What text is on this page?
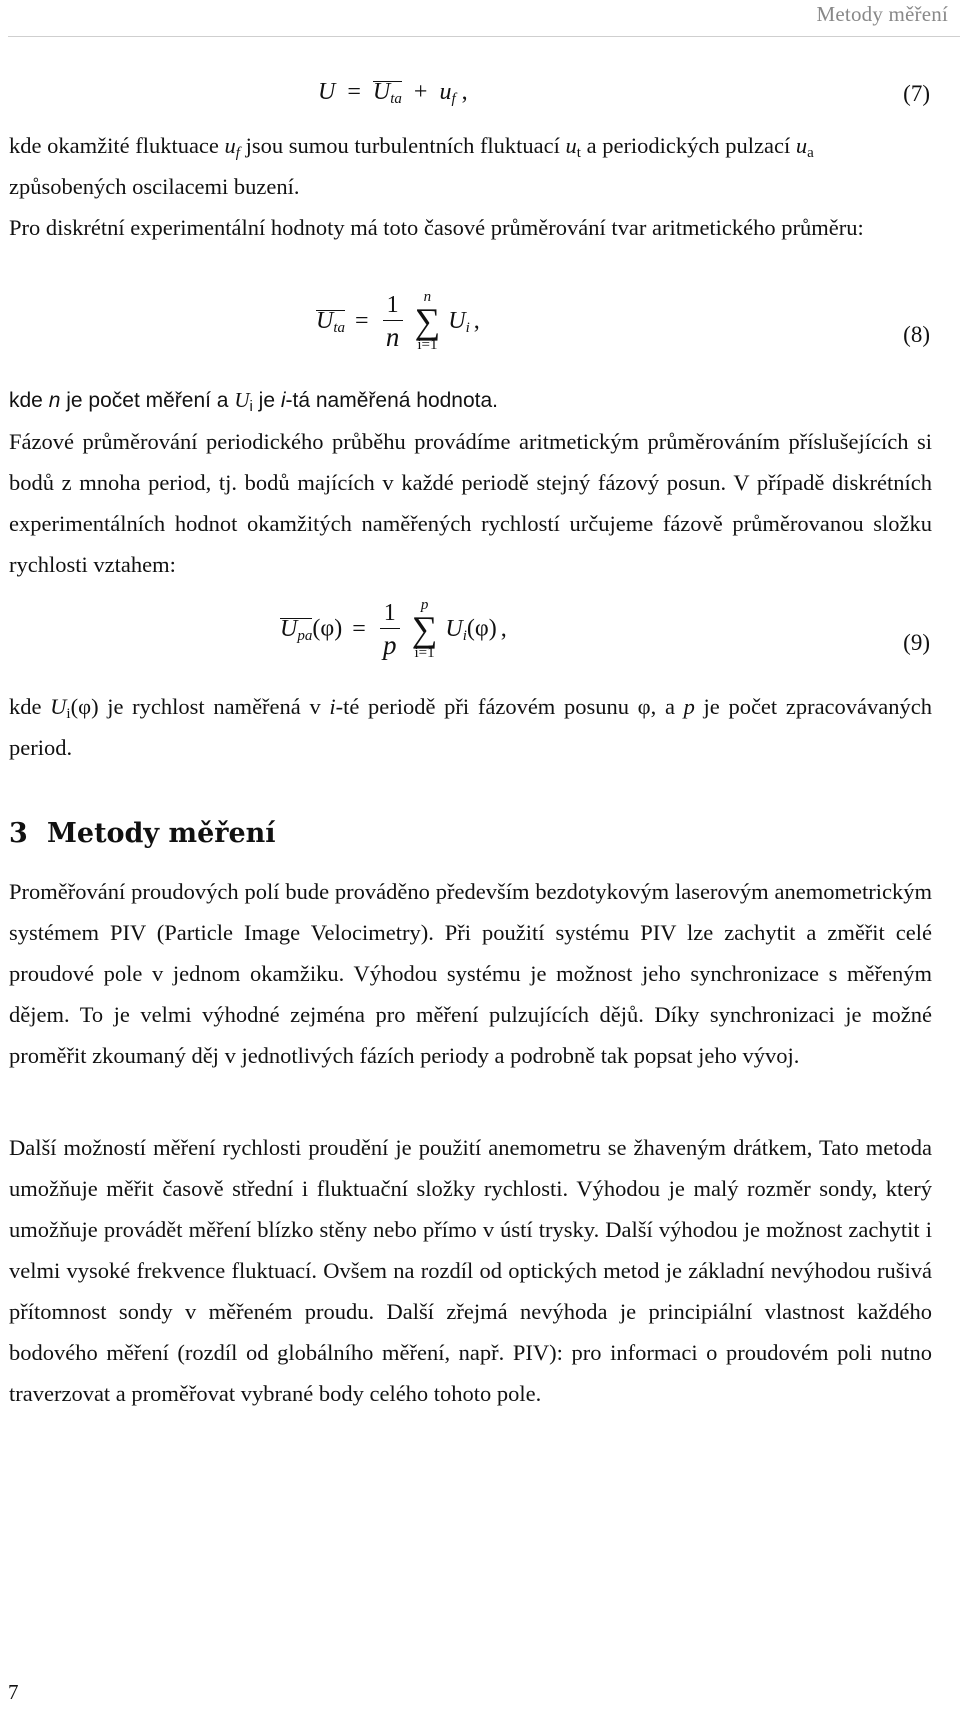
Metody měření
$U = U_{ta} + u_f$ ,	(7)

kde okamžité fluktuace $u_f$ jsou sumou turbulentních fluktuací $u_t$ a periodických pulzací $u_a$ způsobených oscilacemi buzení.

Pro diskrétní experimentální hodnoty má toto časové průměrování tvar aritmetického průměru:

$U_{ta} = \frac{1}{n}$
	n
∑
i=1
$U_i$ ,
(8)

kde n je počet měření a $U_i$ je i-tá naměřená hodnota.

Fázové průměrování periodického průběhu provádíme aritmetickým průměrováním příslušejících si bodů z mnoha period, tj. bodů majících v každé periodě stejný fázový posun. V případě diskrétních experimentálních hodnot okamžitých naměřených rychlostí určujeme fázově průměrovanou složku rychlosti vztahem:

$U_{pa}(\varphi) = \frac{1}{p}$
	p
∑
i=1
$U_i(\varphi)$ ,
(9)

kde $U_i(\varphi)$ je rychlost naměřená v i-té periodě při fázovém posunu φ, a p je počet zpracovávaných period.

3 Metody měření

Proměřování proudových polí bude prováděno především bezdotykovým laserovým anemometrickým systémem PIV (Particle Image Velocimetry). Při použití systému PIV lze zachytit a změřit celé proudové pole v jednom okamžiku. Výhodou systému je možnost jeho synchronizace s měřeným dějem. To je velmi výhodné zejména pro měření pulzujících dějů. Díky synchronizaci je možné proměřit zkoumaný děj v jednotlivých fázích periody a podrobně tak popsat jeho vývoj.

Další možností měření rychlosti proudění je použití anemometru se žhaveným drátkem, Tato metoda umožňuje měřit časově střední i fluktuační složky rychlosti. Výhodou je malý rozměr sondy, který umožňuje provádět měření blízko stěny nebo přímo v ústí trysky. Další výhodou je možnost zachytit i velmi vysoké frekvence fluktuací. Ovšem na rozdíl od optických metod je základní nevýhodou rušivá přítomnost sondy v měřeném proudu. Další zřejmá nevýhoda je principiální vlastnost každého bodového měření (rozdíl od globálního měření, např. PIV): pro informaci o proudovém poli nutno traverzovat a proměřovat vybrané body celého tohoto pole.

7
